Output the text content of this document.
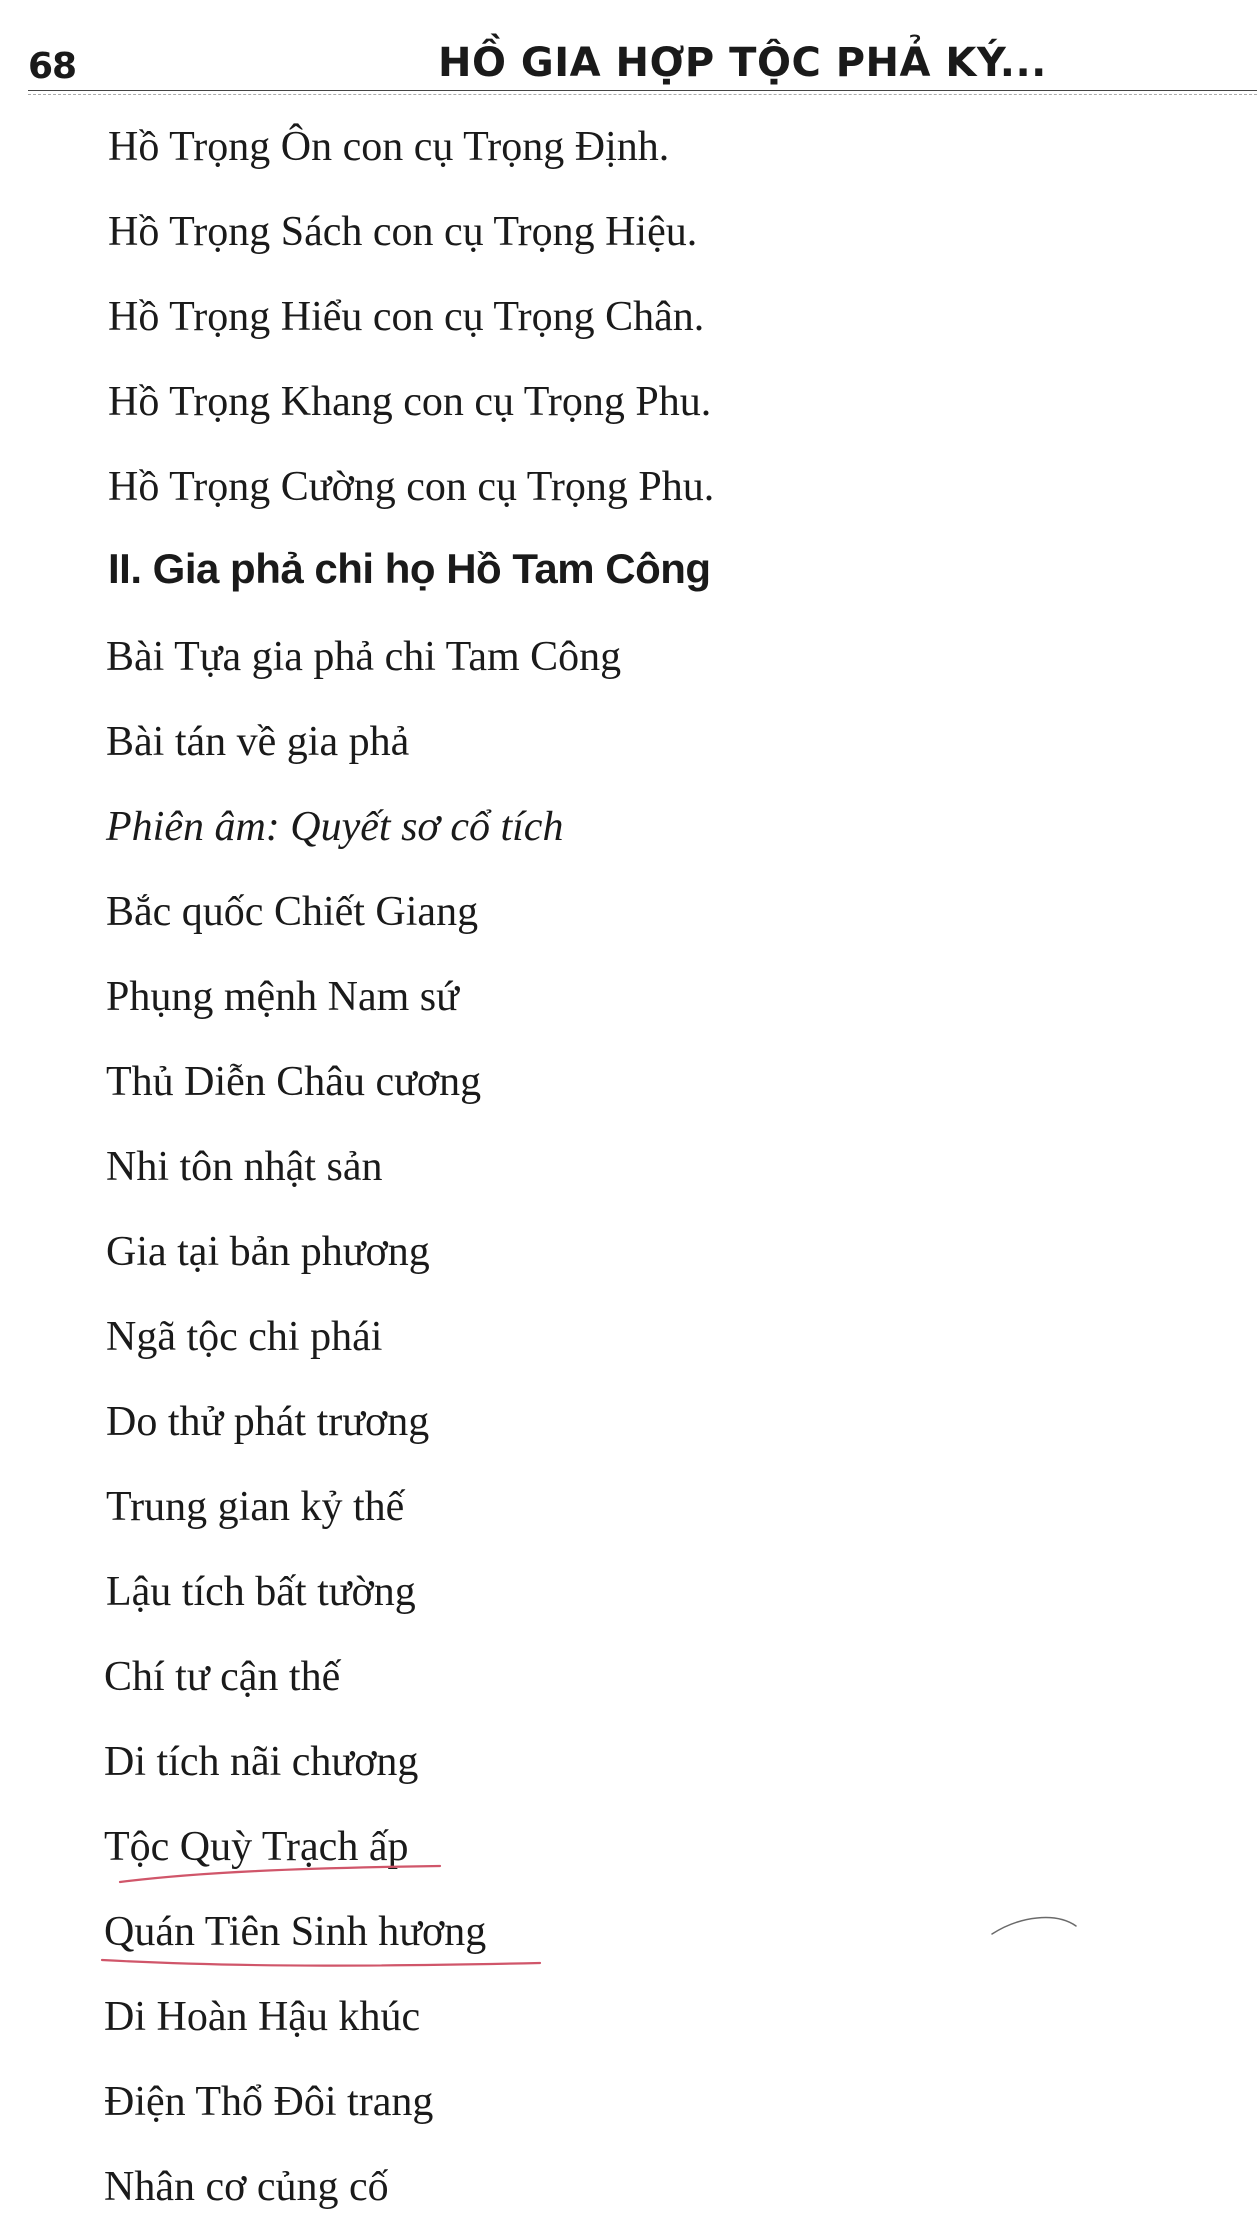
68	HỒ GIA HỢP TỘC PHẢ KÝ...
Hồ Trọng Ôn con cụ Trọng Định.
Hồ Trọng Sách con cụ Trọng Hiệu.
Hồ Trọng Hiểu con cụ Trọng Chân.
Hồ Trọng Khang con cụ Trọng Phu.
Hồ Trọng Cường con cụ Trọng Phu.
II. Gia phả chi họ Hồ Tam Công
Bài Tựa gia phả chi Tam Công
Bài tán về gia phả
Phiên âm: Quyết sơ cổ tích
Bắc quốc Chiết Giang
Phụng mệnh Nam sứ
Thủ Diễn Châu cương
Nhi tôn nhật sản
Gia tại bản phương
Ngã tộc chi phái
Do thử phát trương
Trung gian kỷ thế
Lậu tích bất tường
Chí tư cận thế
Di tích nãi chương
Tộc Quỳ Trạch ấp
Quán Tiên Sinh hương
Di Hoàn Hậu khúc
Điện Thổ Đôi trang
Nhân cơ củng cố
